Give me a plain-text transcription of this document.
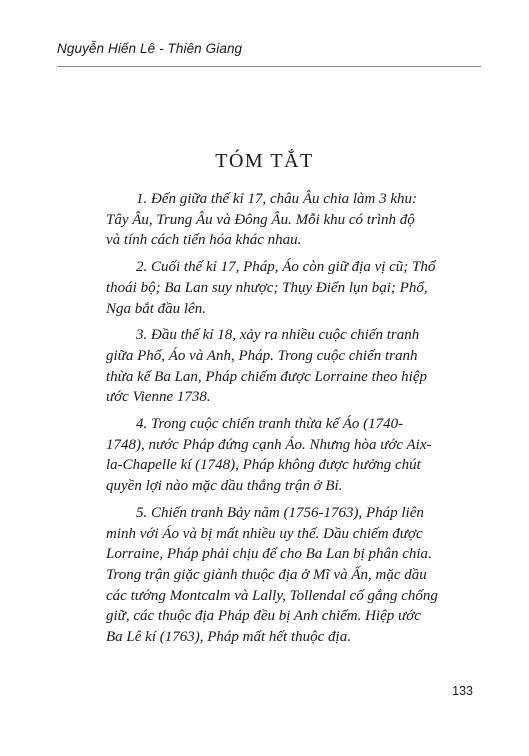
Nguyễn Hiến Lê - Thiên Giang
TÓM TẮT

1. Đến giữa thế kỉ 17, châu Âu chia làm 3 khu:
Tây Âu, Trung Âu và Đông Âu. Mỗi khu có trình độ
và tính cách tiến hóa khác nhau.

2. Cuối thế kỉ 17, Pháp, Áo còn giữ địa vị cũ; Thổ
thoái bộ; Ba Lan suy nhược; Thụy Điển lụn bại; Phổ,
Nga bắt đầu lên.

3. Đầu thế kỉ 18, xảy ra nhiều cuộc chiến tranh
giữa Phổ, Áo và Anh, Pháp. Trong cuộc chiến tranh
thừa kế Ba Lan, Pháp chiếm được Lorraine theo hiệp
ước Vienne 1738.

4. Trong cuộc chiến tranh thừa kế Áo (1740-
1748), nước Pháp đứng cạnh Áo. Nhưng hòa ước Aix-
la-Chapelle kí (1748), Pháp không được hưởng chút
quyền lợi nào mặc dầu thắng trận ở Bỉ.

5. Chiến tranh Bảy năm (1756-1763), Pháp liên
minh với Áo và bị mất nhiều uy thế. Dầu chiếm được
Lorraine, Pháp phải chịu để cho Ba Lan bị phân chia.
Trong trận giặc giành thuộc địa ở Mĩ và Ấn, mặc dầu
các tướng Montcalm và Lally, Tollendal cố gắng chống
giữ, các thuộc địa Pháp đều bị Anh chiếm. Hiệp ước
Ba Lê kí (1763), Pháp mất hết thuộc địa.

133
